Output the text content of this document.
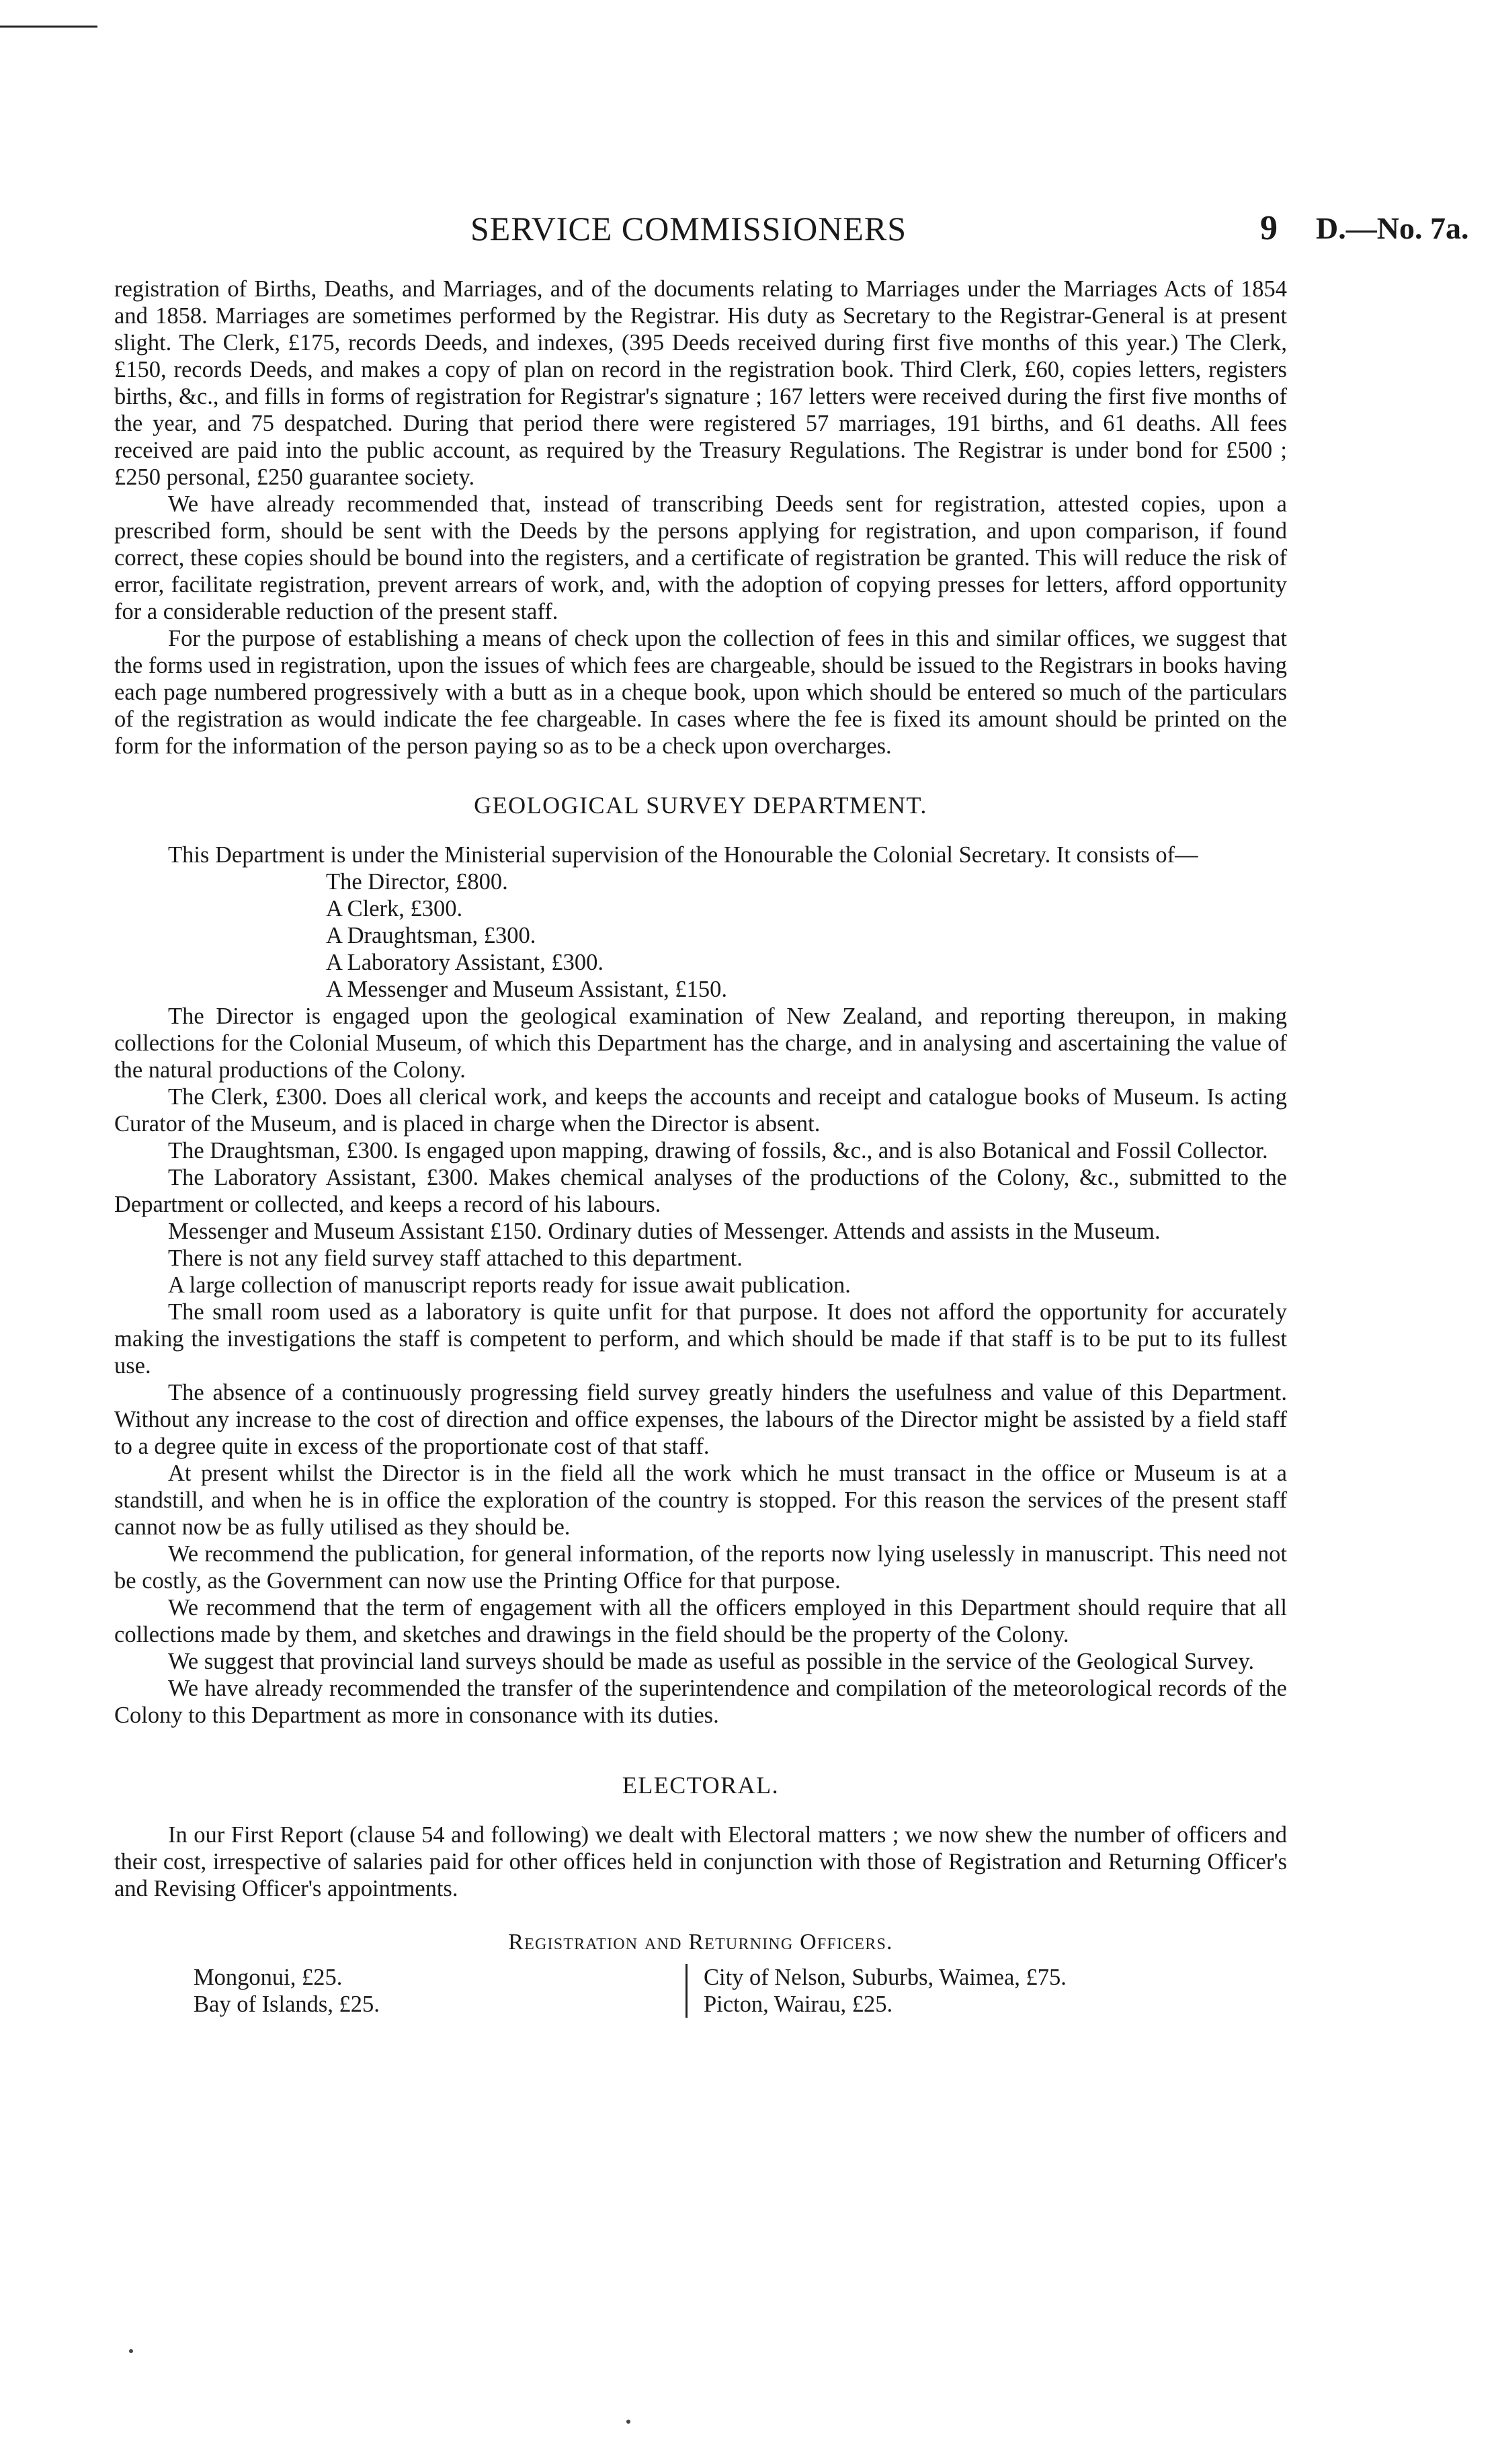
SERVICE COMMISSIONERS	9 D.—No. 7a.

registration of Births, Deaths, and Marriages, and of the documents relating to Marriages under the Marriages Acts of 1854 and 1858. Marriages are sometimes performed by the Registrar. His duty as Secretary to the Registrar-General is at present slight. The Clerk, £175, records Deeds, and indexes, (395 Deeds received during first five months of this year.) The Clerk, £150, records Deeds, and makes a copy of plan on record in the registration book. Third Clerk, £60, copies letters, registers births, &c., and fills in forms of registration for Registrar's signature ; 167 letters were received during the first five months of the year, and 75 despatched. During that period there were registered 57 marriages, 191 births, and 61 deaths. All fees received are paid into the public account, as required by the Treasury Regulations. The Registrar is under bond for £500 ; £250 personal, £250 guarantee society.

We have already recommended that, instead of transcribing Deeds sent for registration, attested copies, upon a prescribed form, should be sent with the Deeds by the persons applying for registration, and upon comparison, if found correct, these copies should be bound into the registers, and a certificate of registration be granted. This will reduce the risk of error, facilitate registration, prevent arrears of work, and, with the adoption of copying presses for letters, afford opportunity for a considerable reduction of the present staff.

For the purpose of establishing a means of check upon the collection of fees in this and similar offices, we suggest that the forms used in registration, upon the issues of which fees are chargeable, should be issued to the Registrars in books having each page numbered progressively with a butt as in a cheque book, upon which should be entered so much of the particulars of the registration as would indicate the fee chargeable. In cases where the fee is fixed its amount should be printed on the form for the information of the person paying so as to be a check upon overcharges.

GEOLOGICAL SURVEY DEPARTMENT.

This Department is under the Ministerial supervision of the Honourable the Colonial Secretary. It consists of—

The Director, £800.
A Clerk, £300.
A Draughtsman, £300.
A Laboratory Assistant, £300.
A Messenger and Museum Assistant, £150.

The Director is engaged upon the geological examination of New Zealand, and reporting thereupon, in making collections for the Colonial Museum, of which this Department has the charge, and in analysing and ascertaining the value of the natural productions of the Colony.

The Clerk, £300. Does all clerical work, and keeps the accounts and receipt and catalogue books of Museum. Is acting Curator of the Museum, and is placed in charge when the Director is absent.

The Draughtsman, £300. Is engaged upon mapping, drawing of fossils, &c., and is also Botanical and Fossil Collector.

The Laboratory Assistant, £300. Makes chemical analyses of the productions of the Colony, &c., submitted to the Department or collected, and keeps a record of his labours.

Messenger and Museum Assistant £150. Ordinary duties of Messenger. Attends and assists in the Museum.

There is not any field survey staff attached to this department.

A large collection of manuscript reports ready for issue await publication.

The small room used as a laboratory is quite unfit for that purpose. It does not afford the opportunity for accurately making the investigations the staff is competent to perform, and which should be made if that staff is to be put to its fullest use.

The absence of a continuously progressing field survey greatly hinders the usefulness and value of this Department. Without any increase to the cost of direction and office expenses, the labours of the Director might be assisted by a field staff to a degree quite in excess of the proportionate cost of that staff.

At present whilst the Director is in the field all the work which he must transact in the office or Museum is at a standstill, and when he is in office the exploration of the country is stopped. For this reason the services of the present staff cannot now be as fully utilised as they should be.

We recommend the publication, for general information, of the reports now lying uselessly in manuscript. This need not be costly, as the Government can now use the Printing Office for that purpose.

We recommend that the term of engagement with all the officers employed in this Department should require that all collections made by them, and sketches and drawings in the field should be the property of the Colony.

We suggest that provincial land surveys should be made as useful as possible in the service of the Geological Survey.

We have already recommended the transfer of the superintendence and compilation of the meteorological records of the Colony to this Department as more in consonance with its duties.

ELECTORAL.

In our First Report (clause 54 and following) we dealt with Electoral matters ; we now shew the number of officers and their cost, irrespective of salaries paid for other offices held in conjunction with those of Registration and Returning Officer's and Revising Officer's appointments.

Registration and Returning Officers.
Mongonui, £25.
Bay of Islands, £25.
City of Nelson, Suburbs, Waimea, £75.
Picton, Wairau, £25.
